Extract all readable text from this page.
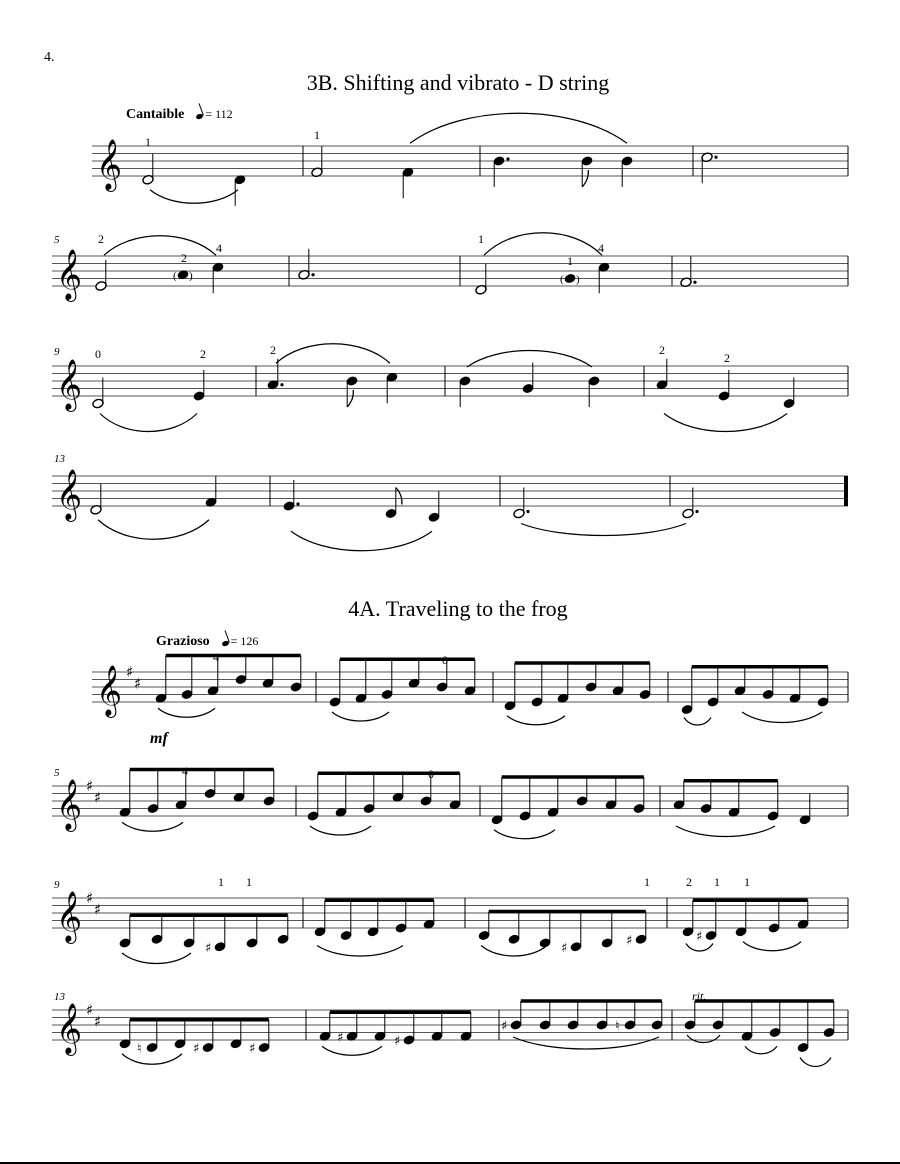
4.
3B. Shifting and vibrato - D string
Cantaible = 112
4A. Traveling to the frog
Grazioso = 126
𝄞 1	1
𝄞
5
( )	( )
2
2
4
1
1
4
𝄞
9	0	2	2	2
2
𝄞
13
𝄞 ♯
♯
4	0
mf
𝄞 ♯
♯
5	4	0
𝄞 ♯
♯
9
♯	♯	♯	♯
1 1	1	2 1 1
𝄞 ♯
♯
13
♮	♯	♯
♯	♯
♯	♮
rit.
